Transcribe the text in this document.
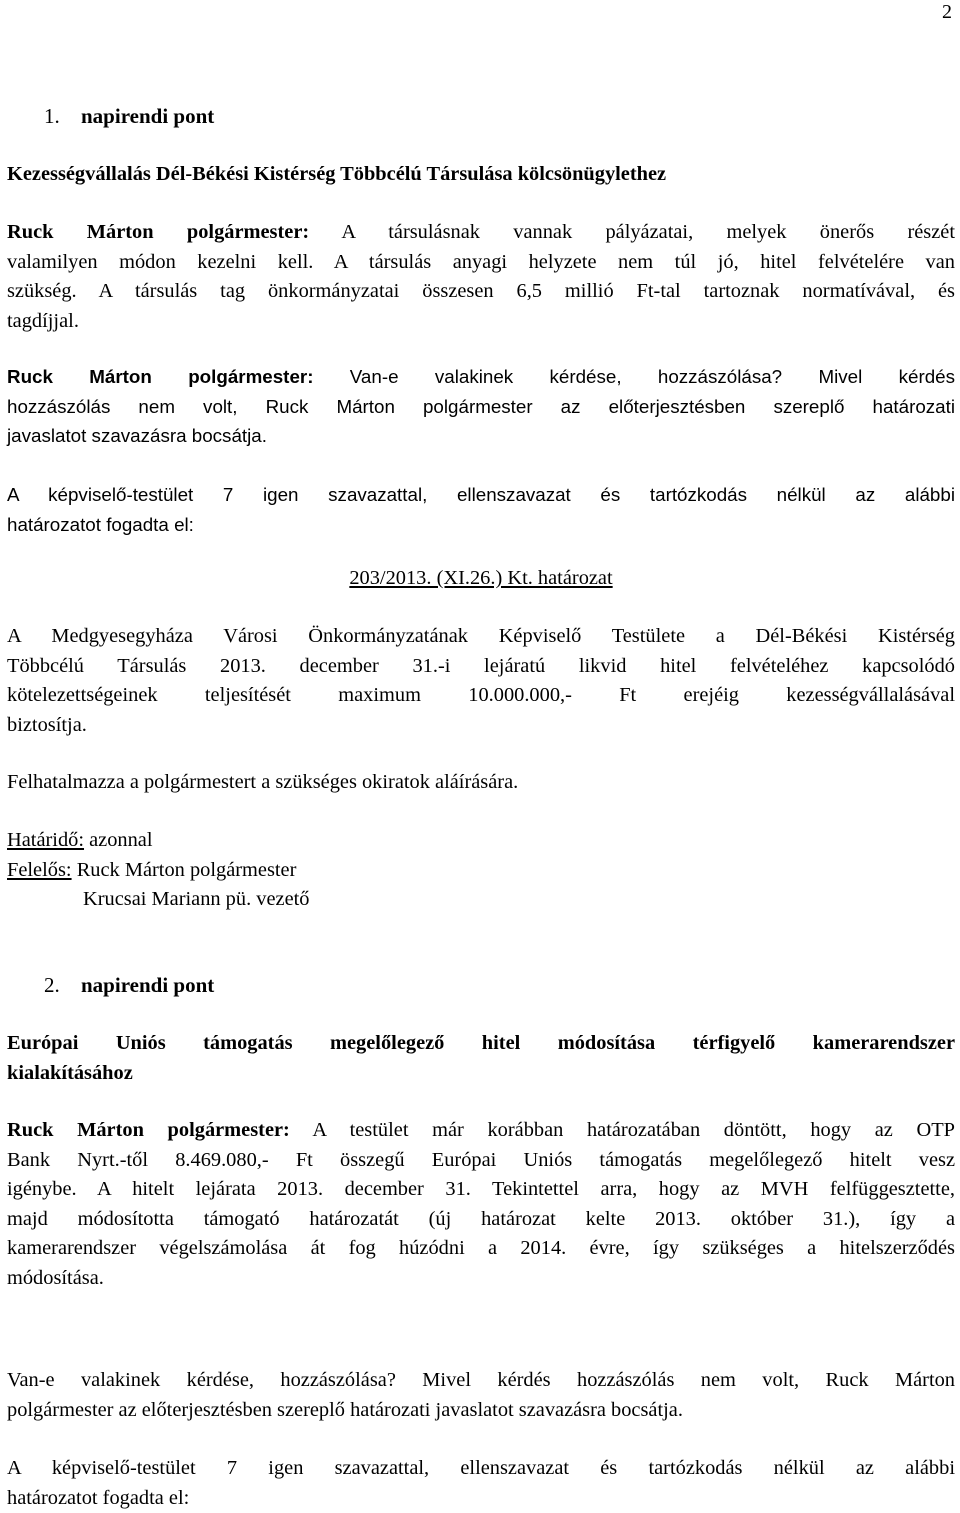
2
1. napirendi pont

Kezességvállalás Dél-Békési Kistérség Többcélú Társulása kölcsönügylethez

Ruck Márton polgármester: A társulásnak vannak pályázatai, melyek önerős részét
valamilyen módon kezelni kell. A társulás anyagi helyzete nem túl jó, hitel felvételére van
szükség. A társulás tag önkormányzatai összesen 6,5 millió Ft-tal tartoznak normatívával, és
tagdíjjal.
Ruck Márton polgármester: Van-e valakinek kérdése, hozzászólása? Mivel kérdés
hozzászólás nem volt, Ruck Márton polgármester az előterjesztésben szereplő határozati
javaslatot szavazásra bocsátja.
A képviselő-testület 7 igen szavazattal, ellenszavazat és tartózkodás nélkül az alábbi
határozatot fogadta el:
203/2013. (XI.26.) Kt. határozat
A Medgyesegyháza Városi Önkormányzatának Képviselő Testülete a Dél-Békési Kistérség
Többcélú Társulás 2013. december 31.-i lejáratú likvid hitel felvételéhez kapcsolódó
kötelezettségeinek teljesítését maximum 10.000.000,- Ft erejéig kezességvállalásával
biztosítja.

Felhatalmazza a polgármestert a szükséges okiratok aláírására.

Határidő: azonnal
Felelős: Ruck Márton polgármester
Krucsai Mariann pü. vezető
2. napirendi pont
Európai Uniós támogatás megelőlegező hitel módosítása térfigyelő kamerarendszer
kialakításához
Ruck Márton polgármester: A testület már korábban határozatában döntött, hogy az OTP
Bank Nyrt.-től 8.469.080,- Ft összegű Európai Uniós támogatás megelőlegező hitelt vesz
igénybe. A hitelt lejárata 2013. december 31. Tekintettel arra, hogy az MVH felfüggesztette,
majd módosította támogató határozatát (új határozat kelte 2013. október 31.), így a
kamerarendszer végelszámolása át fog húzódni a 2014. évre, így szükséges a hitelszerződés
módosítása.
Van-e valakinek kérdése, hozzászólása? Mivel kérdés hozzászólás nem volt, Ruck Márton
polgármester az előterjesztésben szereplő határozati javaslatot szavazásra bocsátja.
A képviselő-testület 7 igen szavazattal, ellenszavazat és tartózkodás nélkül az alábbi
határozatot fogadta el:
